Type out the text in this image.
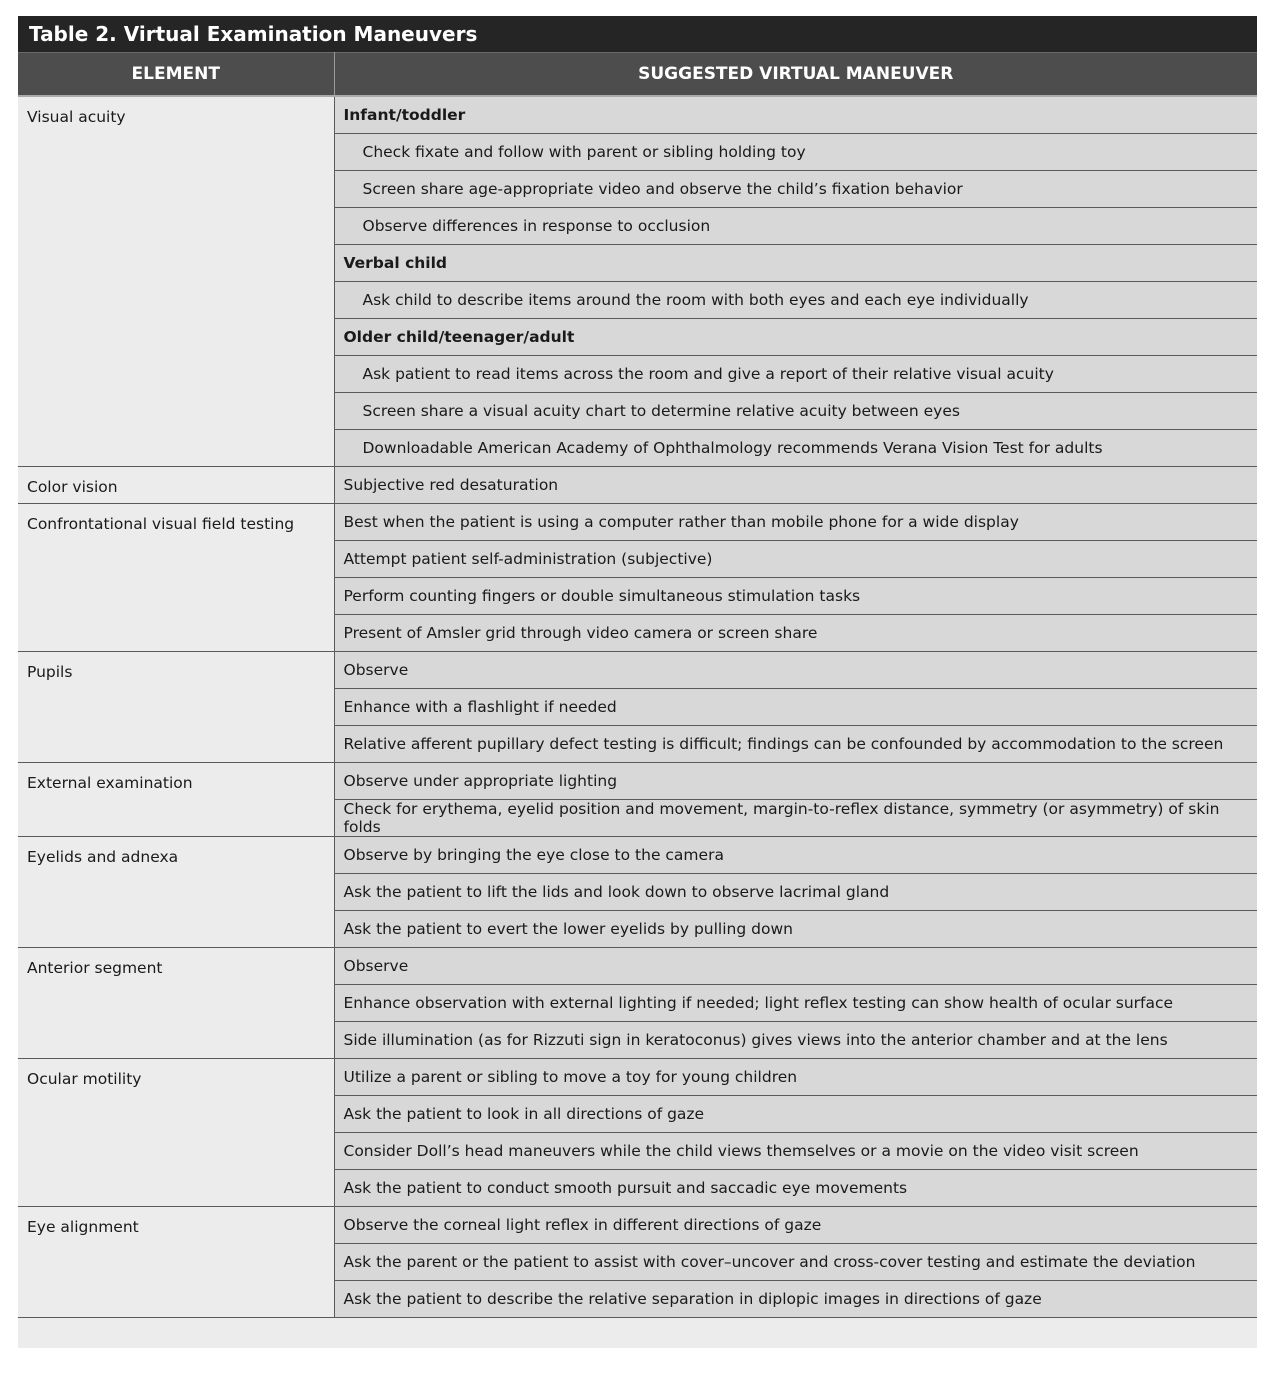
Table 2. Virtual Examination Maneuvers
ELEMENT	SUGGESTED VIRTUAL MANEUVER
Visual acuity	Infant/toddler
	Check fixate and follow with parent or sibling holding toy
	Screen share age-appropriate video and observe the child’s fixation behavior
	Observe differences in response to occlusion
	Verbal child
	Ask child to describe items around the room with both eyes and each eye individually
	Older child/teenager/adult
	Ask patient to read items across the room and give a report of their relative visual acuity
	Screen share a visual acuity chart to determine relative acuity between eyes
	Downloadable American Academy of Ophthalmology recommends Verana Vision Test for adults
Color vision	Subjective red desaturation
Confrontational visual field testing	Best when the patient is using a computer rather than mobile phone for a wide display
	Attempt patient self-administration (subjective)
	Perform counting fingers or double simultaneous stimulation tasks
	Present of Amsler grid through video camera or screen share
Pupils	Observe
	Enhance with a flashlight if needed
	Relative afferent pupillary defect testing is difficult; findings can be confounded by accommodation to the screen
External examination	Observe under appropriate lighting
	Check for erythema, eyelid position and movement, margin-to-reflex distance, symmetry (or asymmetry) of skin folds
Eyelids and adnexa	Observe by bringing the eye close to the camera
	Ask the patient to lift the lids and look down to observe lacrimal gland
	Ask the patient to evert the lower eyelids by pulling down
Anterior segment	Observe
	Enhance observation with external lighting if needed; light reflex testing can show health of ocular surface
	Side illumination (as for Rizzuti sign in keratoconus) gives views into the anterior chamber and at the lens
Ocular motility	Utilize a parent or sibling to move a toy for young children
	Ask the patient to look in all directions of gaze
	Consider Doll’s head maneuvers while the child views themselves or a movie on the video visit screen
	Ask the patient to conduct smooth pursuit and saccadic eye movements
Eye alignment	Observe the corneal light reflex in different directions of gaze
	Ask the parent or the patient to assist with cover–uncover and cross-cover testing and estimate the deviation
	Ask the patient to describe the relative separation in diplopic images in directions of gaze
